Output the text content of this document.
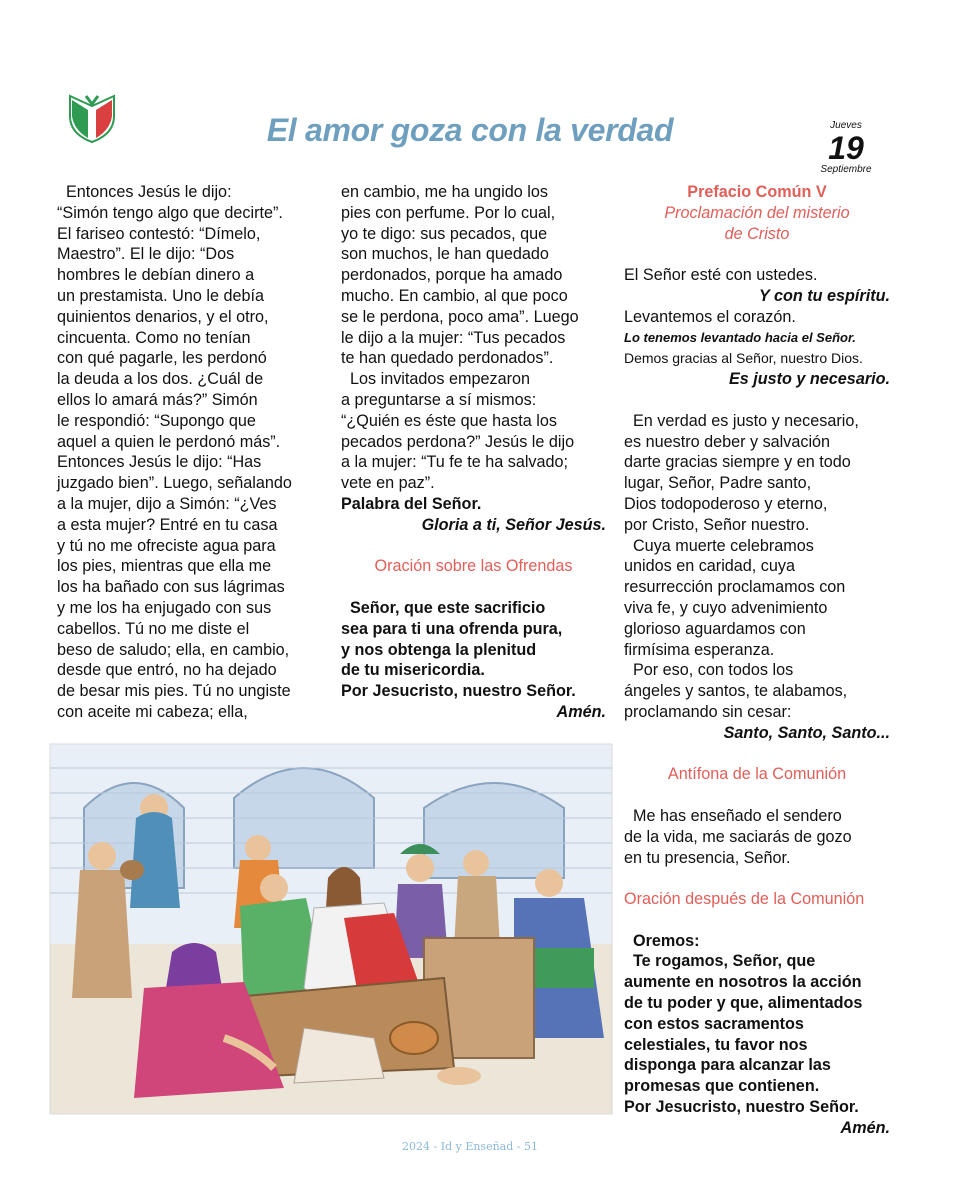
El amor goza con la verdad	Jueves
19
Septiembre

Entonces Jesús le dijo:

“Simón tengo algo que decirte”.

El fariseo contestó: “Dímelo,

Maestro”. El le dijo: “Dos

hombres le debían dinero a

un prestamista. Uno le debía

quinientos denarios, y el otro,

cincuenta. Como no tenían

con qué pagarle, les perdonó

la deuda a los dos. ¿Cuál de

ellos lo amará más?” Simón

le respondió: “Supongo que

aquel a quien le perdonó más”.

Entonces Jesús le dijo: “Has

juzgado bien”. Luego, señalando

a la mujer, dijo a Simón: “¿Ves

a esta mujer? Entré en tu casa

y tú no me ofreciste agua para

los pies, mientras que ella me

los ha bañado con sus lágrimas

y me los ha enjugado con sus

cabellos. Tú no me diste el

beso de saludo; ella, en cambio,

desde que entró, no ha dejado

de besar mis pies. Tú no ungiste

con aceite mi cabeza; ella,

en cambio, me ha ungido los

pies con perfume. Por lo cual,

yo te digo: sus pecados, que

son muchos, le han quedado

perdonados, porque ha amado

mucho. En cambio, al que poco

se le perdona, poco ama”. Luego

le dijo a la mujer: “Tus pecados

te han quedado perdonados”.

Los invitados empezaron

a preguntarse a sí mismos:

“¿Quién es éste que hasta los

pecados perdona?” Jesús le dijo

a la mujer: “Tu fe te ha salvado;

vete en paz”.

Palabra del Señor.

Gloria a ti, Señor Jesús.

Oración sobre las Ofrendas

Señor, que este sacrificio

sea para ti una ofrenda pura,

y nos obtenga la plenitud

de tu misericordia.

Por Jesucristo, nuestro Señor.

Amén.

Prefacio Común V

Proclamación del misterio

de Cristo

El Señor esté con ustedes.

Y con tu espíritu.

Levantemos el corazón.

Lo tenemos levantado hacia el Señor.

Demos gracias al Señor, nuestro Dios.

Es justo y necesario.

En verdad es justo y necesario,

es nuestro deber y salvación

darte gracias siempre y en todo

lugar, Señor, Padre santo,

Dios todopoderoso y eterno,

por Cristo, Señor nuestro.

Cuya muerte celebramos

unidos en caridad, cuya

resurrección proclamamos con

viva fe, y cuyo advenimiento

glorioso aguardamos con

firmísima esperanza.

Por eso, con todos los

ángeles y santos, te alabamos,

proclamando sin cesar:

Santo, Santo, Santo...

Antífona de la Comunión

Me has enseñado el sendero

de la vida, me saciarás de gozo

en tu presencia, Señor.

Oración después de la Comunión

Oremos:

Te rogamos, Señor, que

aumente en nosotros la acción

de tu poder y que, alimentados

con estos sacramentos

celestiales, tu favor nos

disponga para alcanzar las

promesas que contienen.

Por Jesucristo, nuestro Señor.

Amén.

2024 - Id y Enseñad - 51
